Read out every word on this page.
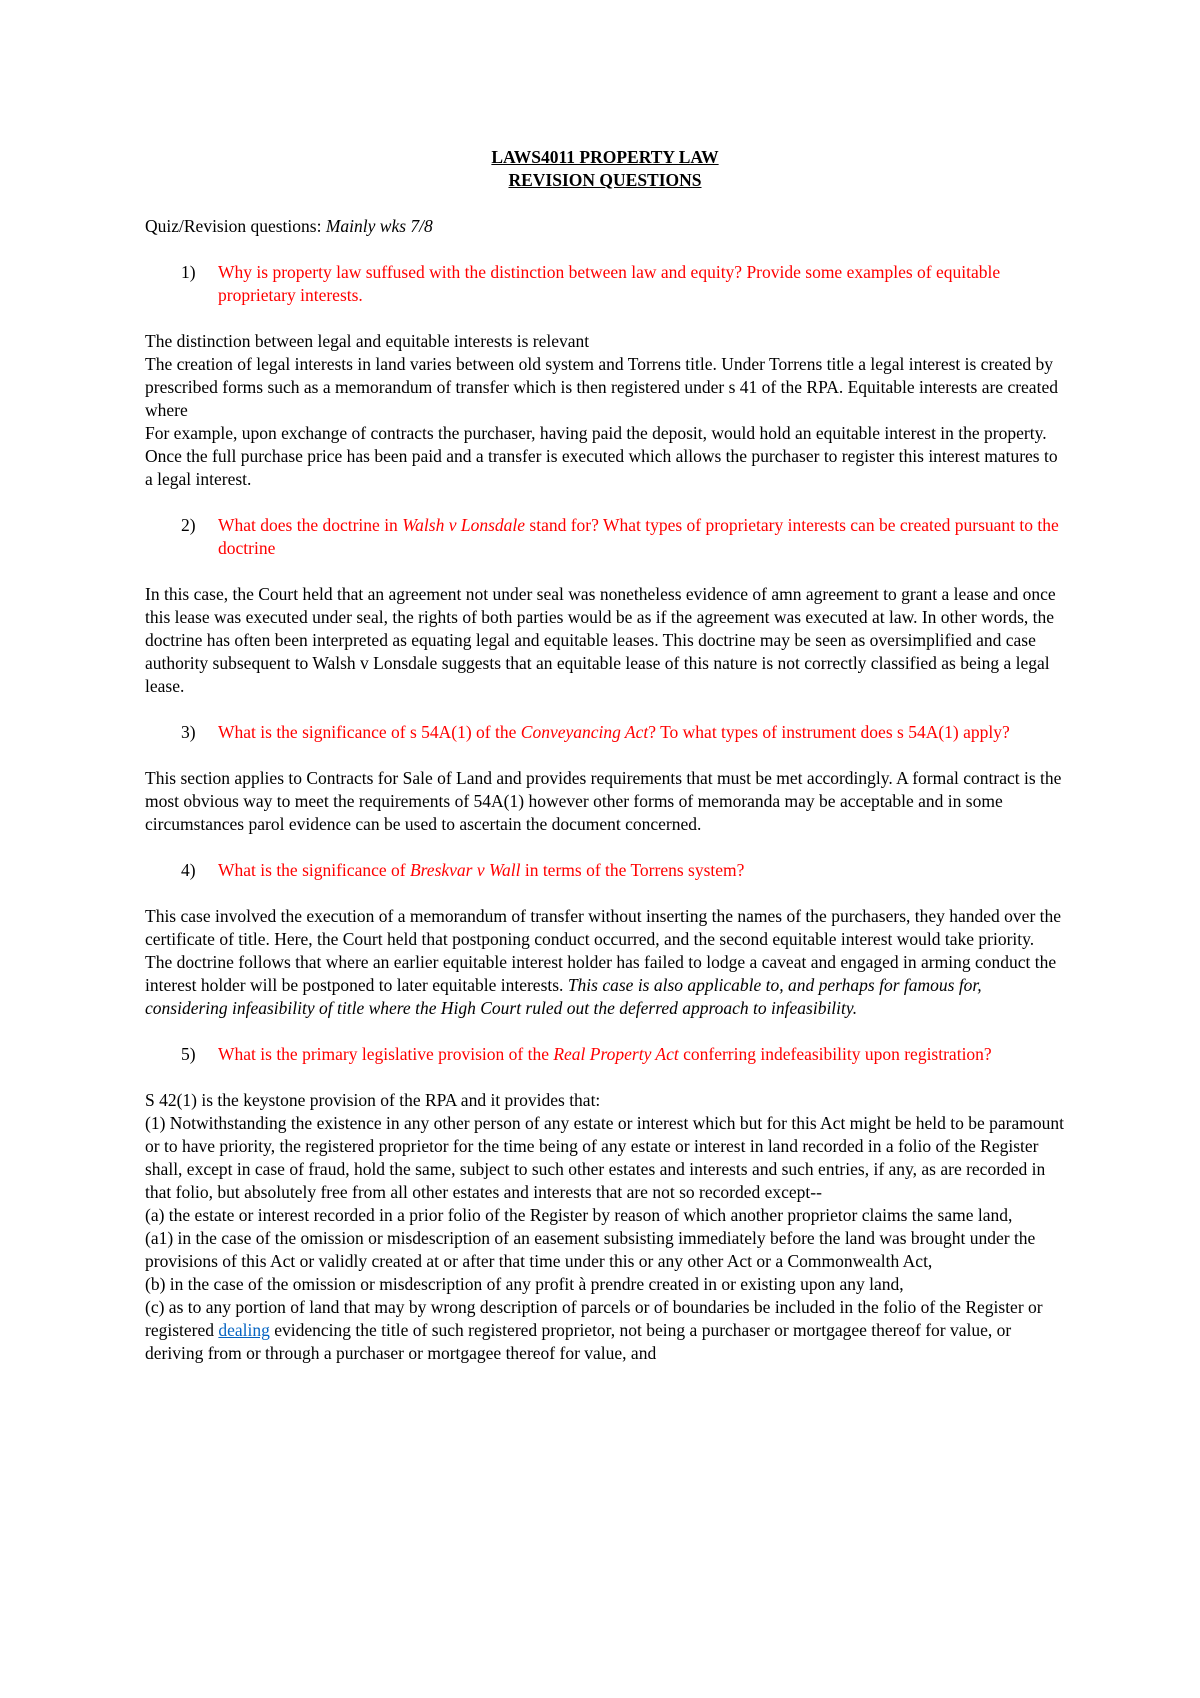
LAWS4011 PROPERTY LAW

REVISION QUESTIONS

Quiz/Revision questions: Mainly wks 7/8

1) Why is property law suffused with the distinction between law and equity? Provide some examples of equitable proprietary interests.

The distinction between legal and equitable interests is relevant

The creation of legal interests in land varies between old system and Torrens title. Under Torrens title a legal interest is created by prescribed forms such as a memorandum of transfer which is then registered under s 41 of the RPA. Equitable interests are created where

For example, upon exchange of contracts the purchaser, having paid the deposit, would hold an equitable interest in the property. Once the full purchase price has been paid and a transfer is executed which allows the purchaser to register this interest matures to a legal interest.

2) What does the doctrine in Walsh v Lonsdale stand for? What types of proprietary interests can be created pursuant to the doctrine

In this case, the Court held that an agreement not under seal was nonetheless evidence of amn agreement to grant a lease and once this lease was executed under seal, the rights of both parties would be as if the agreement was executed at law. In other words, the doctrine has often been interpreted as equating legal and equitable leases. This doctrine may be seen as oversimplified and case authority subsequent to Walsh v Lonsdale suggests that an equitable lease of this nature is not correctly classified as being a legal lease.

3) What is the significance of s 54A(1) of the Conveyancing Act? To what types of instrument does s 54A(1) apply?

This section applies to Contracts for Sale of Land and provides requirements that must be met accordingly. A formal contract is the most obvious way to meet the requirements of 54A(1) however other forms of memoranda may be acceptable and in some circumstances parol evidence can be used to ascertain the document concerned.

4) What is the significance of Breskvar v Wall in terms of the Torrens system?

This case involved the execution of a memorandum of transfer without inserting the names of the purchasers, they handed over the certificate of title. Here, the Court held that postponing conduct occurred, and the second equitable interest would take priority. The doctrine follows that where an earlier equitable interest holder has failed to lodge a caveat and engaged in arming conduct the interest holder will be postponed to later equitable interests. This case is also applicable to, and perhaps for famous for, considering infeasibility of title where the High Court ruled out the deferred approach to infeasibility.

5) What is the primary legislative provision of the Real Property Act conferring indefeasibility upon registration?

S 42(1) is the keystone provision of the RPA and it provides that:

(1) Notwithstanding the existence in any other person of any estate or interest which but for this Act might be held to be paramount or to have priority, the registered proprietor for the time being of any estate or interest in land recorded in a folio of the Register shall, except in case of fraud, hold the same, subject to such other estates and interests and such entries, if any, as are recorded in that folio, but absolutely free from all other estates and interests that are not so recorded except--

(a) the estate or interest recorded in a prior folio of the Register by reason of which another proprietor claims the same land,

(a1) in the case of the omission or misdescription of an easement subsisting immediately before the land was brought under the provisions of this Act or validly created at or after that time under this or any other Act or a Commonwealth Act,

(b) in the case of the omission or misdescription of any profit à prendre created in or existing upon any land,

(c) as to any portion of land that may by wrong description of parcels or of boundaries be included in the folio of the Register or registered dealing evidencing the title of such registered proprietor, not being a purchaser or mortgagee thereof for value, or deriving from or through a purchaser or mortgagee thereof for value, and
